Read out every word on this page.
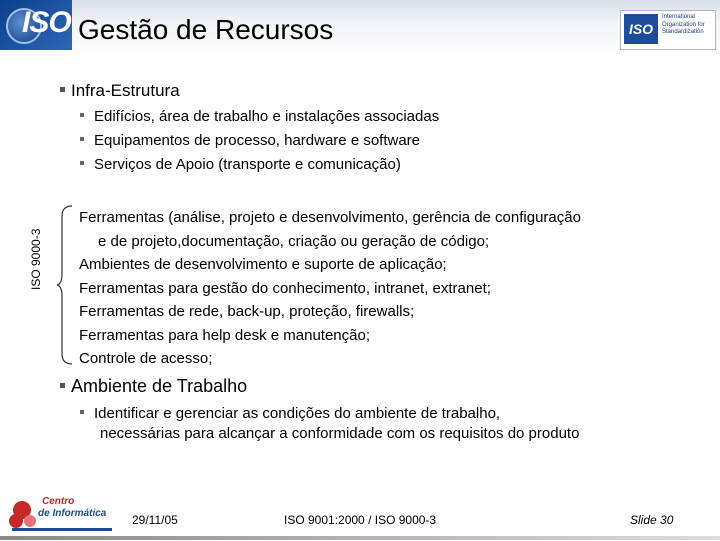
ISO Gestão de Recursos	ISO
International
Organization for
Standardization
ISO 9000-3
Infra-Estrutura
Edifícios, área de trabalho e instalações associadas
Equipamentos de processo, hardware e software
Serviços de Apoio (transporte e comunicação)
Ferramentas (análise, projeto e desenvolvimento, gerência de configuração
e de projeto,documentação, criação ou geração de código;
Ambientes de desenvolvimento e suporte de aplicação;
Ferramentas para gestão do conhecimento, intranet, extranet;
Ferramentas de rede, back-up, proteção, firewalls;
Ferramentas para help desk e manutenção;
Controle de acesso;
Ambiente de Trabalho
Identificar e gerenciar as condições do ambiente de trabalho,
necessárias para alcançar a conformidade com os requisitos do produto
Centro
de Informática 29/11/05	ISO 9001:2000 / ISO 9000-3	Slide 30
